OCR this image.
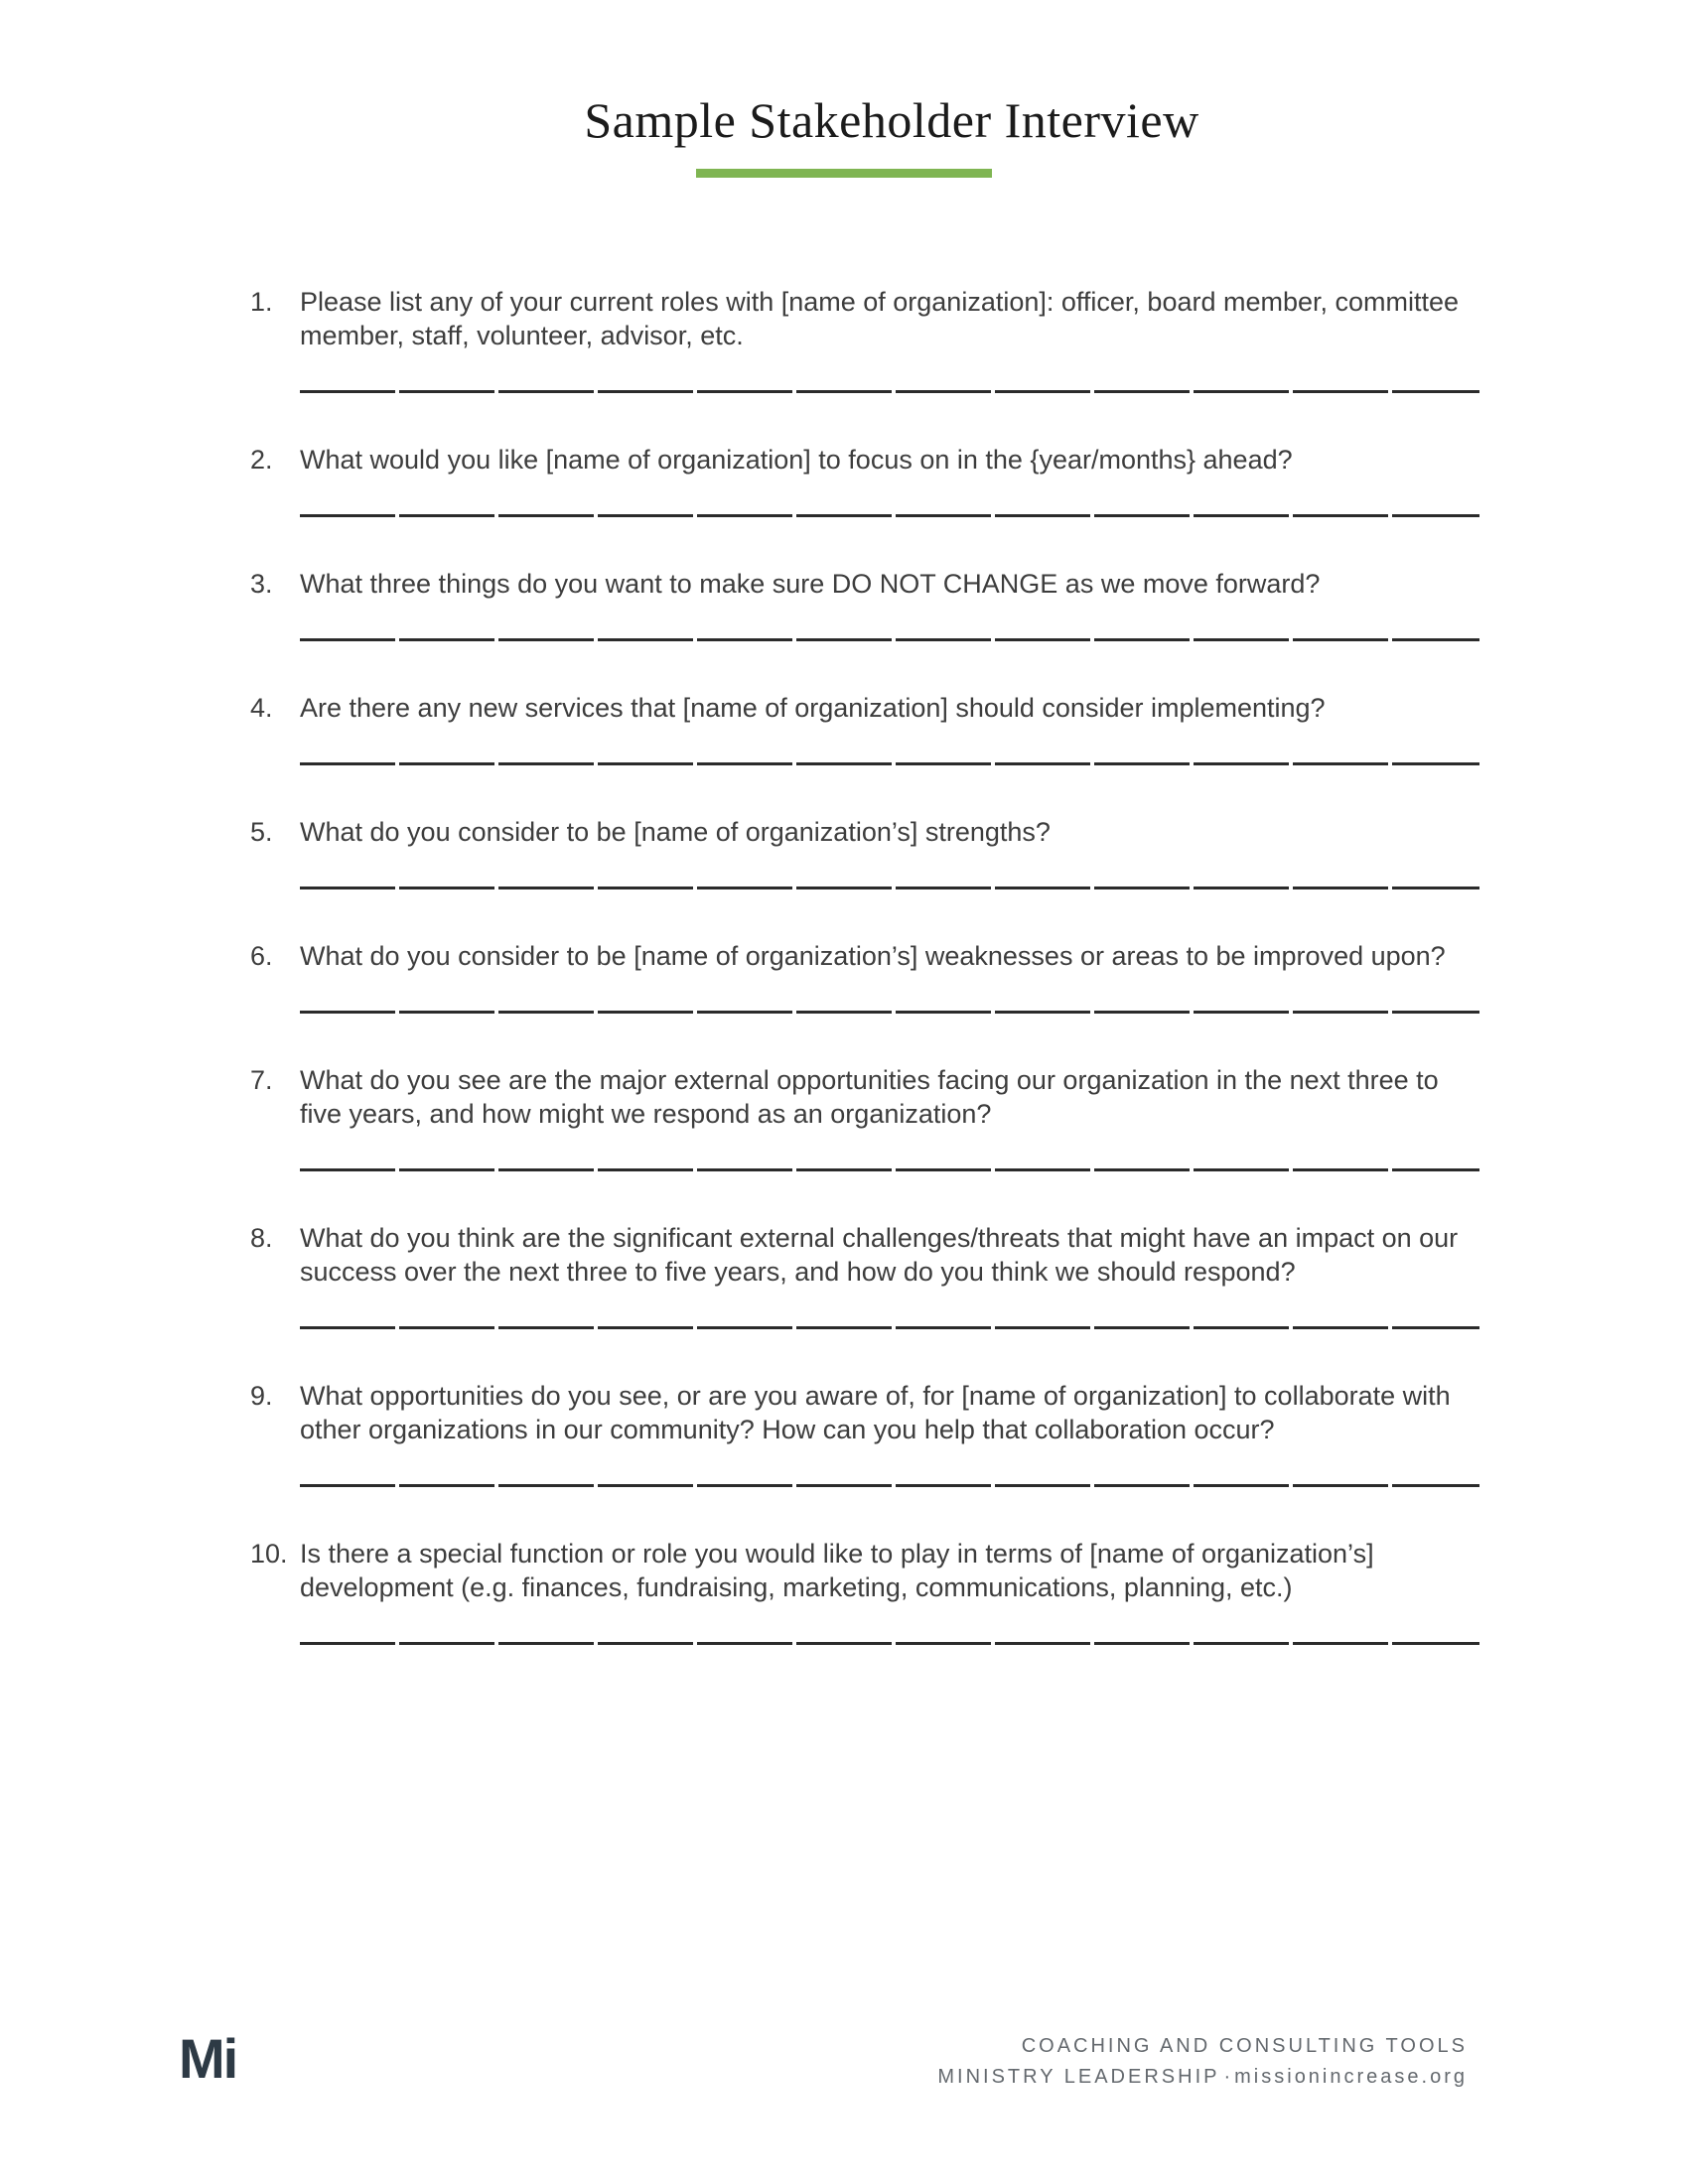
Sample Stakeholder Interview
1.	Please list any of your current roles with [name of organization]: officer, board member, committee member, staff, volunteer, advisor, etc.

2.	What would you like [name of organization] to focus on in the {year/months} ahead?

3.	What three things do you want to make sure DO NOT CHANGE as we move forward?

4.	Are there any new services that [name of organization] should consider implementing?

5.	What do you consider to be [name of organization’s] strengths?

6.	What do you consider to be [name of organization’s] weaknesses or areas to be improved upon?

7.	What do you see are the major external opportunities facing our organization in the next three to five years, and how might we respond as an organization?

8.	What do you think are the significant external challenges/threats that might have an impact on our success over the next three to five years, and how do you think we should respond?

9.	What opportunities do you see, or are you aware of, for [name of organization] to collaborate with other organizations in our community? How can you help that collaboration occur?

10. Is there a special function or role you would like to play in terms of [name of organization’s] development (e.g. finances, fundraising, marketing, communications, planning, etc.)

Mi	COACHING AND CONSULTING TOOLS
MINISTRY LEADERSHIP · missionincrease.org
